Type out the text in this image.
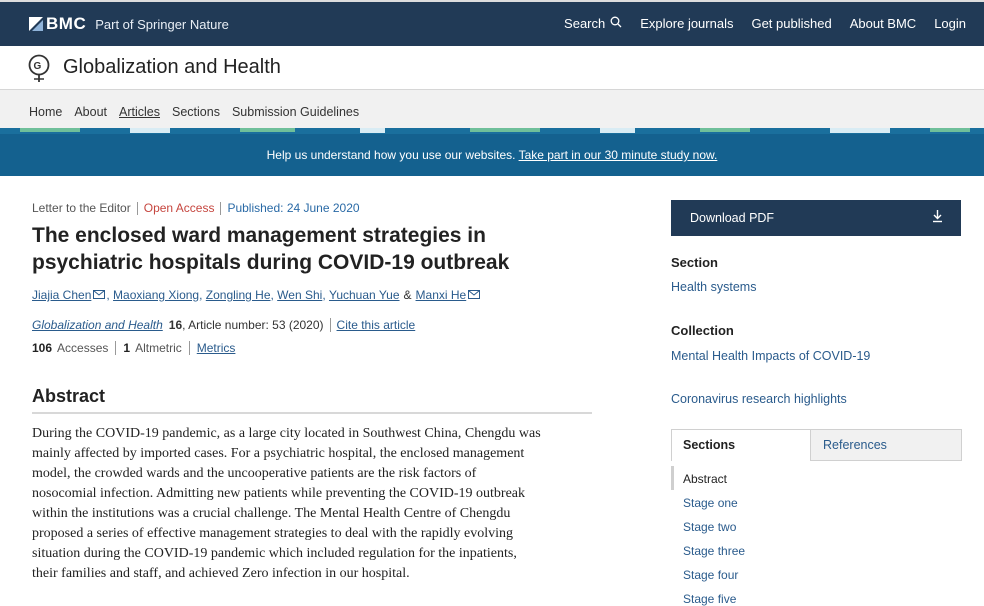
BMC Part of Springer Nature	Search	Explore journals Get published About BMC Login
G Globalization and Health
Home About Articles Sections Submission Guidelines
Help us understand how you use our websites. Take part in our 30 minute study now.
Letter to the Editor Open Access Published: 24 June 2020
The enclosed ward management strategies in psychiatric hospitals during COVID-19 outbreak
Jiajia Chen , Maoxiang Xiong , Zongling He , Wen Shi , Yuchuan Yue & Manxi He
Globalization and Health 16 , Article number: 53 (2020) Cite this article
106 Accesses 1 Altmetric Metrics
Abstract
During the COVID-19 pandemic, as a large city located in Southwest China, Chengdu was
mainly affected by imported cases. For a psychiatric hospital, the enclosed management
model, the crowded wards and the uncooperative patients are the risk factors of
nosocomial infection. Admitting new patients while preventing the COVID-19 outbreak
within the institutions was a crucial challenge. The Mental Health Centre of Chengdu
proposed a series of effective management strategies to deal with the rapidly evolving
situation during the COVID-19 pandemic which included regulation for the inpatients,
their families and staff, and achieved Zero infection in our hospital.
Download PDF
Section
Health systems
Collection
Mental Health Impacts of COVID-19
Coronavirus research highlights
Sections	References
Abstract
Stage one
Stage two
Stage three
Stage four
Stage five
